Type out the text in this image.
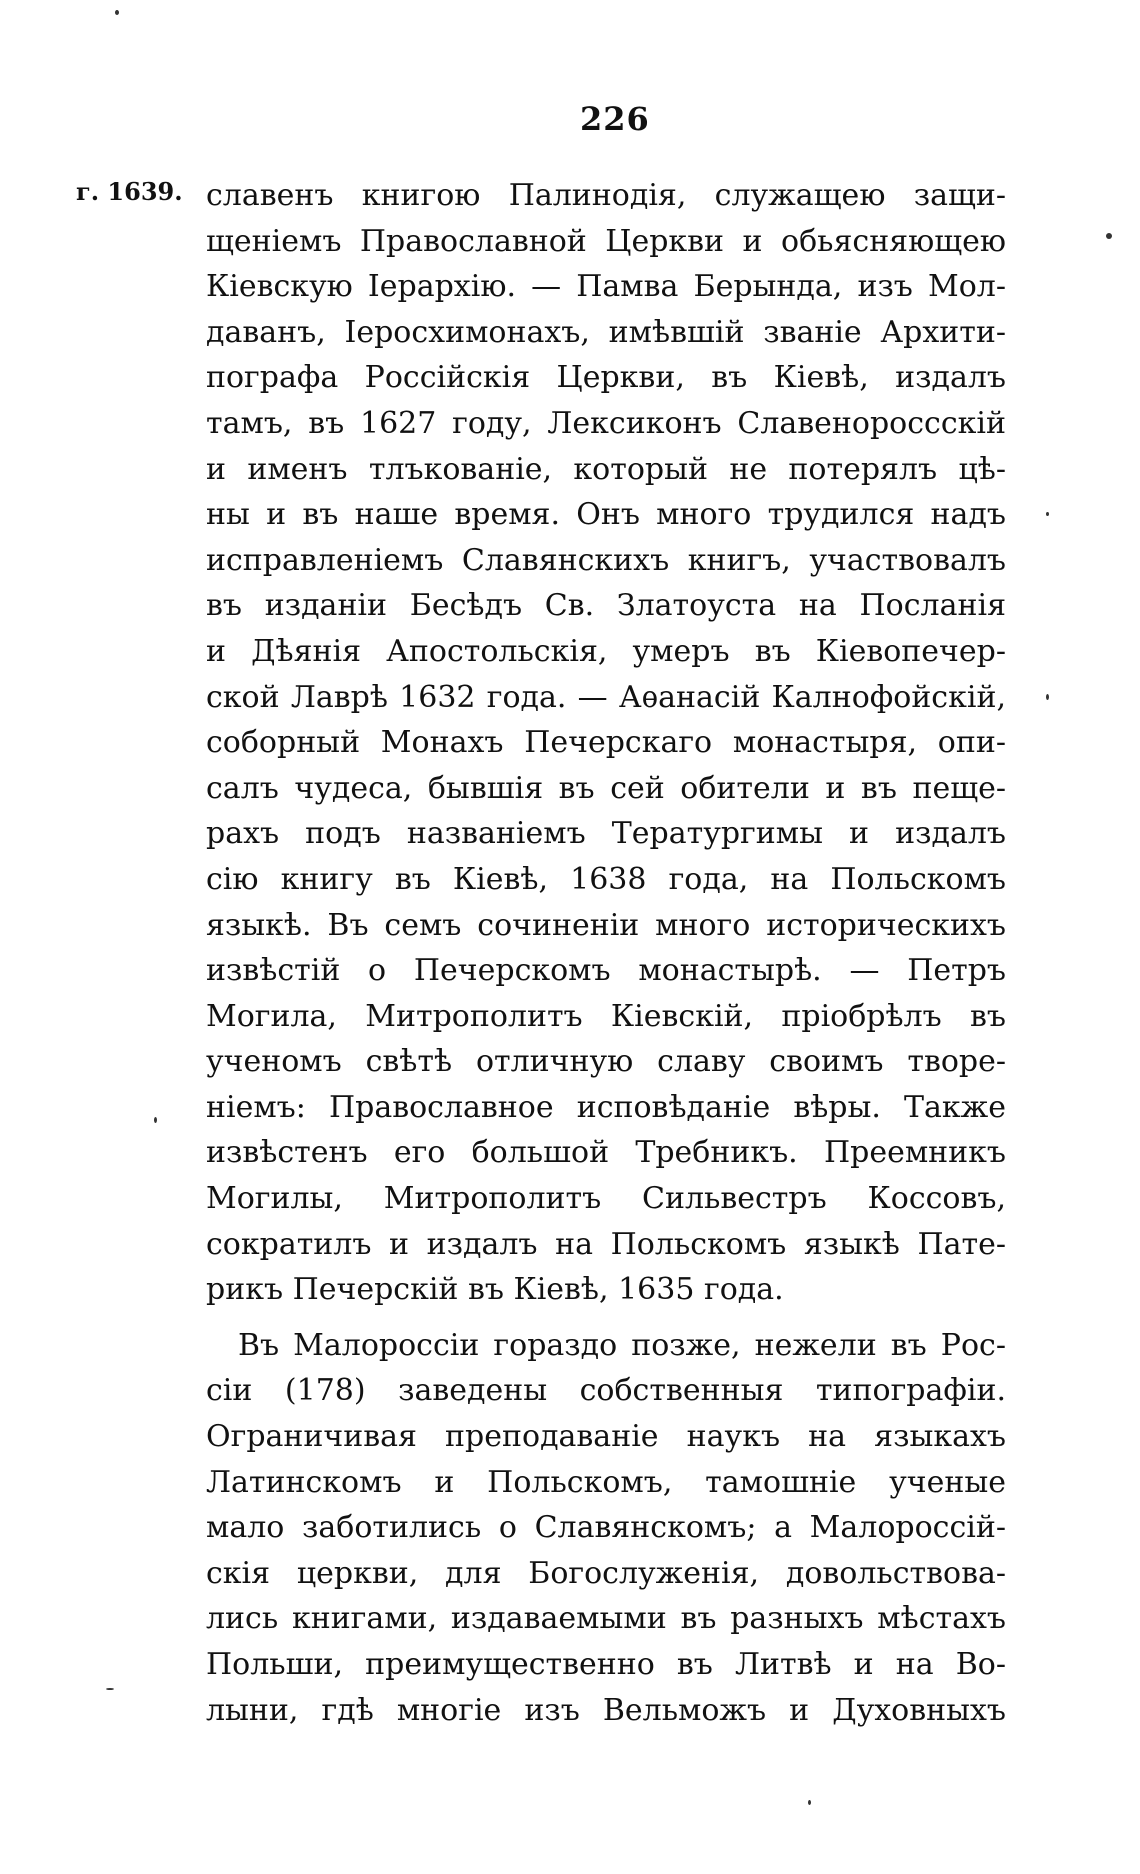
226
г. 1639. славенъ книгою Палинодія, служащею защи-
щеніемъ Православной Церкви и обьясняющею
Кіевскую Іерархію. — Памва Берында, изъ Мол-
даванъ, Іеросхимонахъ, имѣвшій званіе Архити-
пографа Россійскія Церкви, въ Кіевѣ, издалъ
тамъ, въ 1627 году, Лексиконъ Славенороссскій
и именъ тлъкованіе, который не потерялъ цѣ-
ны и въ наше время. Онъ много трудился надъ
исправленіемъ Славянскихъ книгъ, участвовалъ
въ изданіи Бесѣдъ Св. Златоуста на Посланія
и Дѣянія Апостольскія, умеръ въ Кіевопечер-
ской Лаврѣ 1632 года. — Аѳанасій Калнофойскій,
соборный Монахъ Печерскаго монастыря, опи-
салъ чудеса, бывшія въ сей обители и въ пеще-
рахъ подъ названіемъ Тератургимы и издалъ
сію книгу въ Кіевѣ, 1638 года, на Польскомъ
языкѣ. Въ семъ сочиненіи много историческихъ
извѣстій о Печерскомъ монастырѣ. — Петръ
Могила, Митрополитъ Кіевскій, пріобрѣлъ въ
ученомъ свѣтѣ отличную славу своимъ творе-
ніемъ: Православное исповѣданіе вѣры. Также
извѣстенъ его большой Требникъ. Преемникъ
Могилы, Митрополитъ Сильвестръ Коссовъ,
сократилъ и издалъ на Польскомъ языкѣ Пате-
рикъ Печерскій въ Кіевѣ, 1635 года.
Въ Малороссіи гораздо позже, нежели въ Рос-
сіи (178) заведены собственныя типографіи.
Ограничивая преподаваніе наукъ на языкахъ
Латинскомъ и Польскомъ, тамошніе ученые
мало заботились о Славянскомъ; а Малороссій-
скія церкви, для Богослуженія, довольствова-
лись книгами, издаваемыми въ разныхъ мѣстахъ
Польши, преимущественно въ Литвѣ и на Во-
лыни, гдѣ многіе изъ Вельможъ и Духовныхъ
